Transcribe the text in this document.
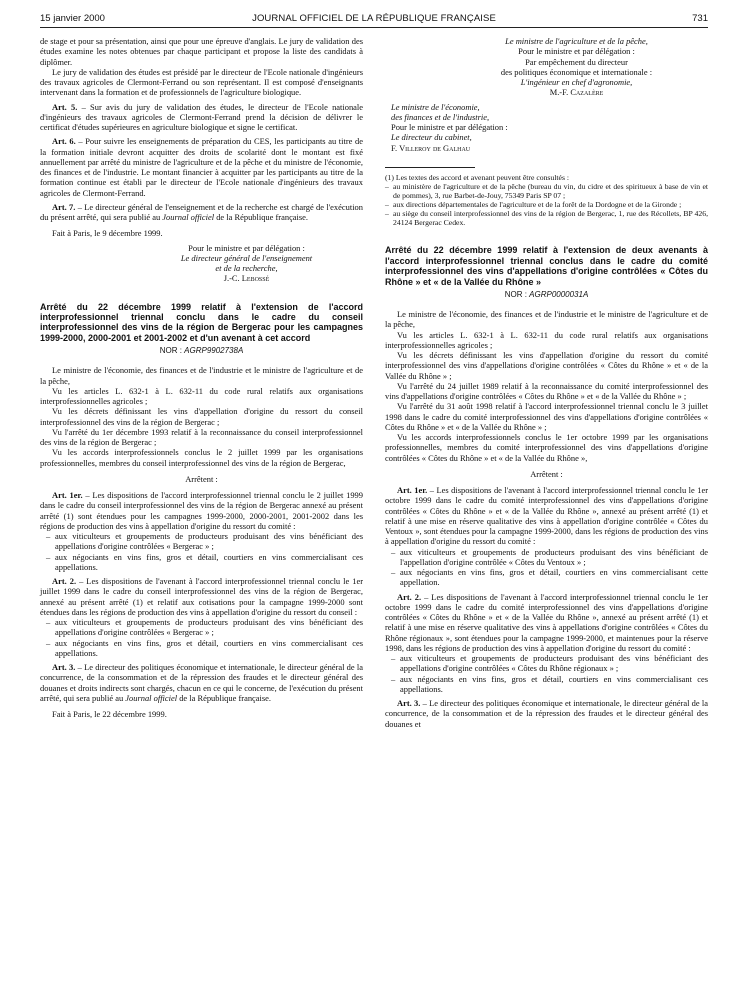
15 janvier 2000	JOURNAL OFFICIEL DE LA RÉPUBLIQUE FRANÇAISE	731

de stage et pour sa présentation, ainsi que pour une épreuve d'anglais. Le jury de validation des études examine les notes obtenues par chaque participant et propose la liste des candidats à diplômer.

Le jury de validation des études est présidé par le directeur de l'Ecole nationale d'ingénieurs des travaux agricoles de Clermont-Ferrand ou son représentant. Il est composé d'enseignants intervenant dans la formation et de professionnels de l'agriculture biologique.

Art. 5. – Sur avis du jury de validation des études, le directeur de l'Ecole nationale d'ingénieurs des travaux agricoles de Clermont-Ferrand prend la décision de délivrer le certificat d'études supérieures en agriculture biologique et signe le certificat.

Art. 6. – Pour suivre les enseignements de préparation du CES, les participants au titre de la formation initiale devront acquitter des droits de scolarité dont le montant est fixé annuellement par arrêté du ministre de l'agriculture et de la pêche et du ministre de l'économie, des finances et de l'industrie. Le montant financier à acquitter par les participants au titre de la formation continue est établi par le directeur de l'Ecole nationale d'ingénieurs des travaux agricoles de Clermont-Ferrand.

Art. 7. – Le directeur général de l'enseignement et de la recherche est chargé de l'exécution du présent arrêté, qui sera publié au Journal officiel de la République française.

Fait à Paris, le 9 décembre 1999.

Pour le ministre et par délégation :
Le directeur général de l'enseignement
et de la recherche,
J.-C. Lebossé

Arrêté du 22 décembre 1999 relatif à l'extension de l'accord interprofessionnel triennal conclu dans le cadre du conseil interprofessionnel des vins de la région de Bergerac pour les campagnes 1999-2000, 2000-2001 et 2001-2002 et d'un avenant à cet accord

NOR : AGRP9902738A

Le ministre de l'économie, des finances et de l'industrie et le ministre de l'agriculture et de la pêche,

Vu les articles L. 632-1 à L. 632-11 du code rural relatifs aux organisations interprofessionnelles agricoles ;

Vu les décrets définissant les vins d'appellation d'origine du ressort du conseil interprofessionnel des vins de la région de Bergerac ;

Vu l'arrêté du 1er décembre 1993 relatif à la reconnaissance du conseil interprofessionnel des vins de la région de Bergerac ;

Vu les accords interprofessionnels conclus le 2 juillet 1999 par les organisations professionnelles, membres du conseil interprofessionnel des vins de la région de Bergerac,

Arrêtent :

Art. 1er. – Les dispositions de l'accord interprofessionnel triennal conclu le 2 juillet 1999 dans le cadre du conseil interprofessionnel des vins de la région de Bergerac annexé au présent arrêté (1) sont étendues pour les campagnes 1999-2000, 2000-2001, 2001-2002 dans les régions de production des vins à appellation d'origine du ressort du comité :

– aux viticulteurs et groupements de producteurs produisant des vins bénéficiant des appellations d'origine contrôlées « Bergerac » ;
– aux négociants en vins fins, gros et détail, courtiers en vins commercialisant ces appellations.

Art. 2. – Les dispositions de l'avenant à l'accord interprofessionnel triennal conclu le 1er juillet 1999 dans le cadre du conseil interprofessionnel des vins de la région de Bergerac, annexé au présent arrêté (1) et relatif aux cotisations pour la campagne 1999-2000 sont étendues dans les régions de production des vins à appellation d'origine du ressort du conseil :

– aux viticulteurs et groupements de producteurs produisant des vins bénéficiant des appellations d'origine contrôlées « Bergerac » ;
– aux négociants en vins fins, gros et détail, courtiers en vins commercialisant ces appellations.

Art. 3. – Le directeur des politiques économique et internationale, le directeur général de la concurrence, de la consommation et de la répression des fraudes et le directeur général des douanes et droits indirects sont chargés, chacun en ce qui le concerne, de l'exécution du présent arrêté, qui sera publié au Journal officiel de la République française.

Fait à Paris, le 22 décembre 1999.

Le ministre de l'agriculture et de la pêche,
Pour le ministre et par délégation :
Par empêchement du directeur
des politiques économique et internationale :
L'ingénieur en chef d'agronomie,
M.-F. Cazalère
Le ministre de l'économie,
des finances et de l'industrie,
Pour le ministre et par délégation :
Le directeur du cabinet,
F. Villeroy de Galhau

(1) Les textes des accord et avenant peuvent être consultés :

– au ministère de l'agriculture et de la pêche (bureau du vin, du cidre et des spiritueux à base de vin et de pommes), 3, rue Barbet-de-Jouy, 75349 Paris SP 07 ;
– aux directions départementales de l'agriculture et de la forêt de la Dordogne et de la Gironde ;
– au siège du conseil interprofessionnel des vins de la région de Bergerac, 1, rue des Récollets, BP 426, 24124 Bergerac Cedex.

Arrêté du 22 décembre 1999 relatif à l'extension de deux avenants à l'accord interprofessionnel triennal conclus dans le cadre du comité interprofessionnel des vins d'appellations d'origine contrôlées « Côtes du Rhône » et « de la Vallée du Rhône »

NOR : AGRP0000031A

Le ministre de l'économie, des finances et de l'industrie et le ministre de l'agriculture et de la pêche,

Vu les articles L. 632-1 à L. 632-11 du code rural relatifs aux organisations interprofessionnelles agricoles ;

Vu les décrets définissant les vins d'appellation d'origine du ressort du comité interprofessionnel des vins d'appellations d'origine contrôlées « Côtes du Rhône » et « de la Vallée du Rhône » ;

Vu l'arrêté du 24 juillet 1989 relatif à la reconnaissance du comité interprofessionnel des vins d'appellations d'origine contrôlées « Côtes du Rhône » et « de la Vallée du Rhône » ;

Vu l'arrêté du 31 août 1998 relatif à l'accord interprofessionnel triennal conclu le 3 juillet 1998 dans le cadre du comité interprofessionnel des vins d'appellations d'origine contrôlées « Côtes du Rhône » et « de la Vallée du Rhône » ;

Vu les accords interprofessionnels conclus le 1er octobre 1999 par les organisations professionnelles, membres du comité interprofessionnel des vins d'appellations d'origine contrôlées « Côtes du Rhône » et « de la Vallée du Rhône »,

Arrêtent :

Art. 1er. – Les dispositions de l'avenant à l'accord interprofessionnel triennal conclu le 1er octobre 1999 dans le cadre du comité interprofessionnel des vins d'appellations d'origine contrôlées « Côtes du Rhône » et « de la Vallée du Rhône », annexé au présent arrêté (1) et relatif à une mise en réserve qualitative des vins à appellation d'origine contrôlée « Côtes du Ventoux », sont étendues pour la campagne 1999-2000, dans les régions de production des vins à appellation d'origine du ressort du comité :

– aux viticulteurs et groupements de producteurs produisant des vins bénéficiant de l'appellation d'origine contrôlée « Côtes du Ventoux » ;
– aux négociants en vins fins, gros et détail, courtiers en vins commercialisant cette appellation.

Art. 2. – Les dispositions de l'avenant à l'accord interprofessionnel triennal conclu le 1er octobre 1999 dans le cadre du comité interprofessionnel des vins d'appellations d'origine contrôlées « Côtes du Rhône » et « de la Vallée du Rhône », annexé au présent arrêté (1) et relatif à une mise en réserve qualitative des vins à appellations d'origine contrôlées « Côtes du Rhône régionaux », sont étendues pour la campagne 1999-2000, et maintenues pour la réserve 1998, dans les régions de production des vins à appellation d'origine du ressort du comité :

– aux viticulteurs et groupements de producteurs produisant des vins bénéficiant des appellations d'origine contrôlées « Côtes du Rhône régionaux » ;
– aux négociants en vins fins, gros et détail, courtiers en vins commercialisant ces appellations.

Art. 3. – Le directeur des politiques économique et internationale, le directeur général de la concurrence, de la consommation et de la répression des fraudes et le directeur général des douanes et
